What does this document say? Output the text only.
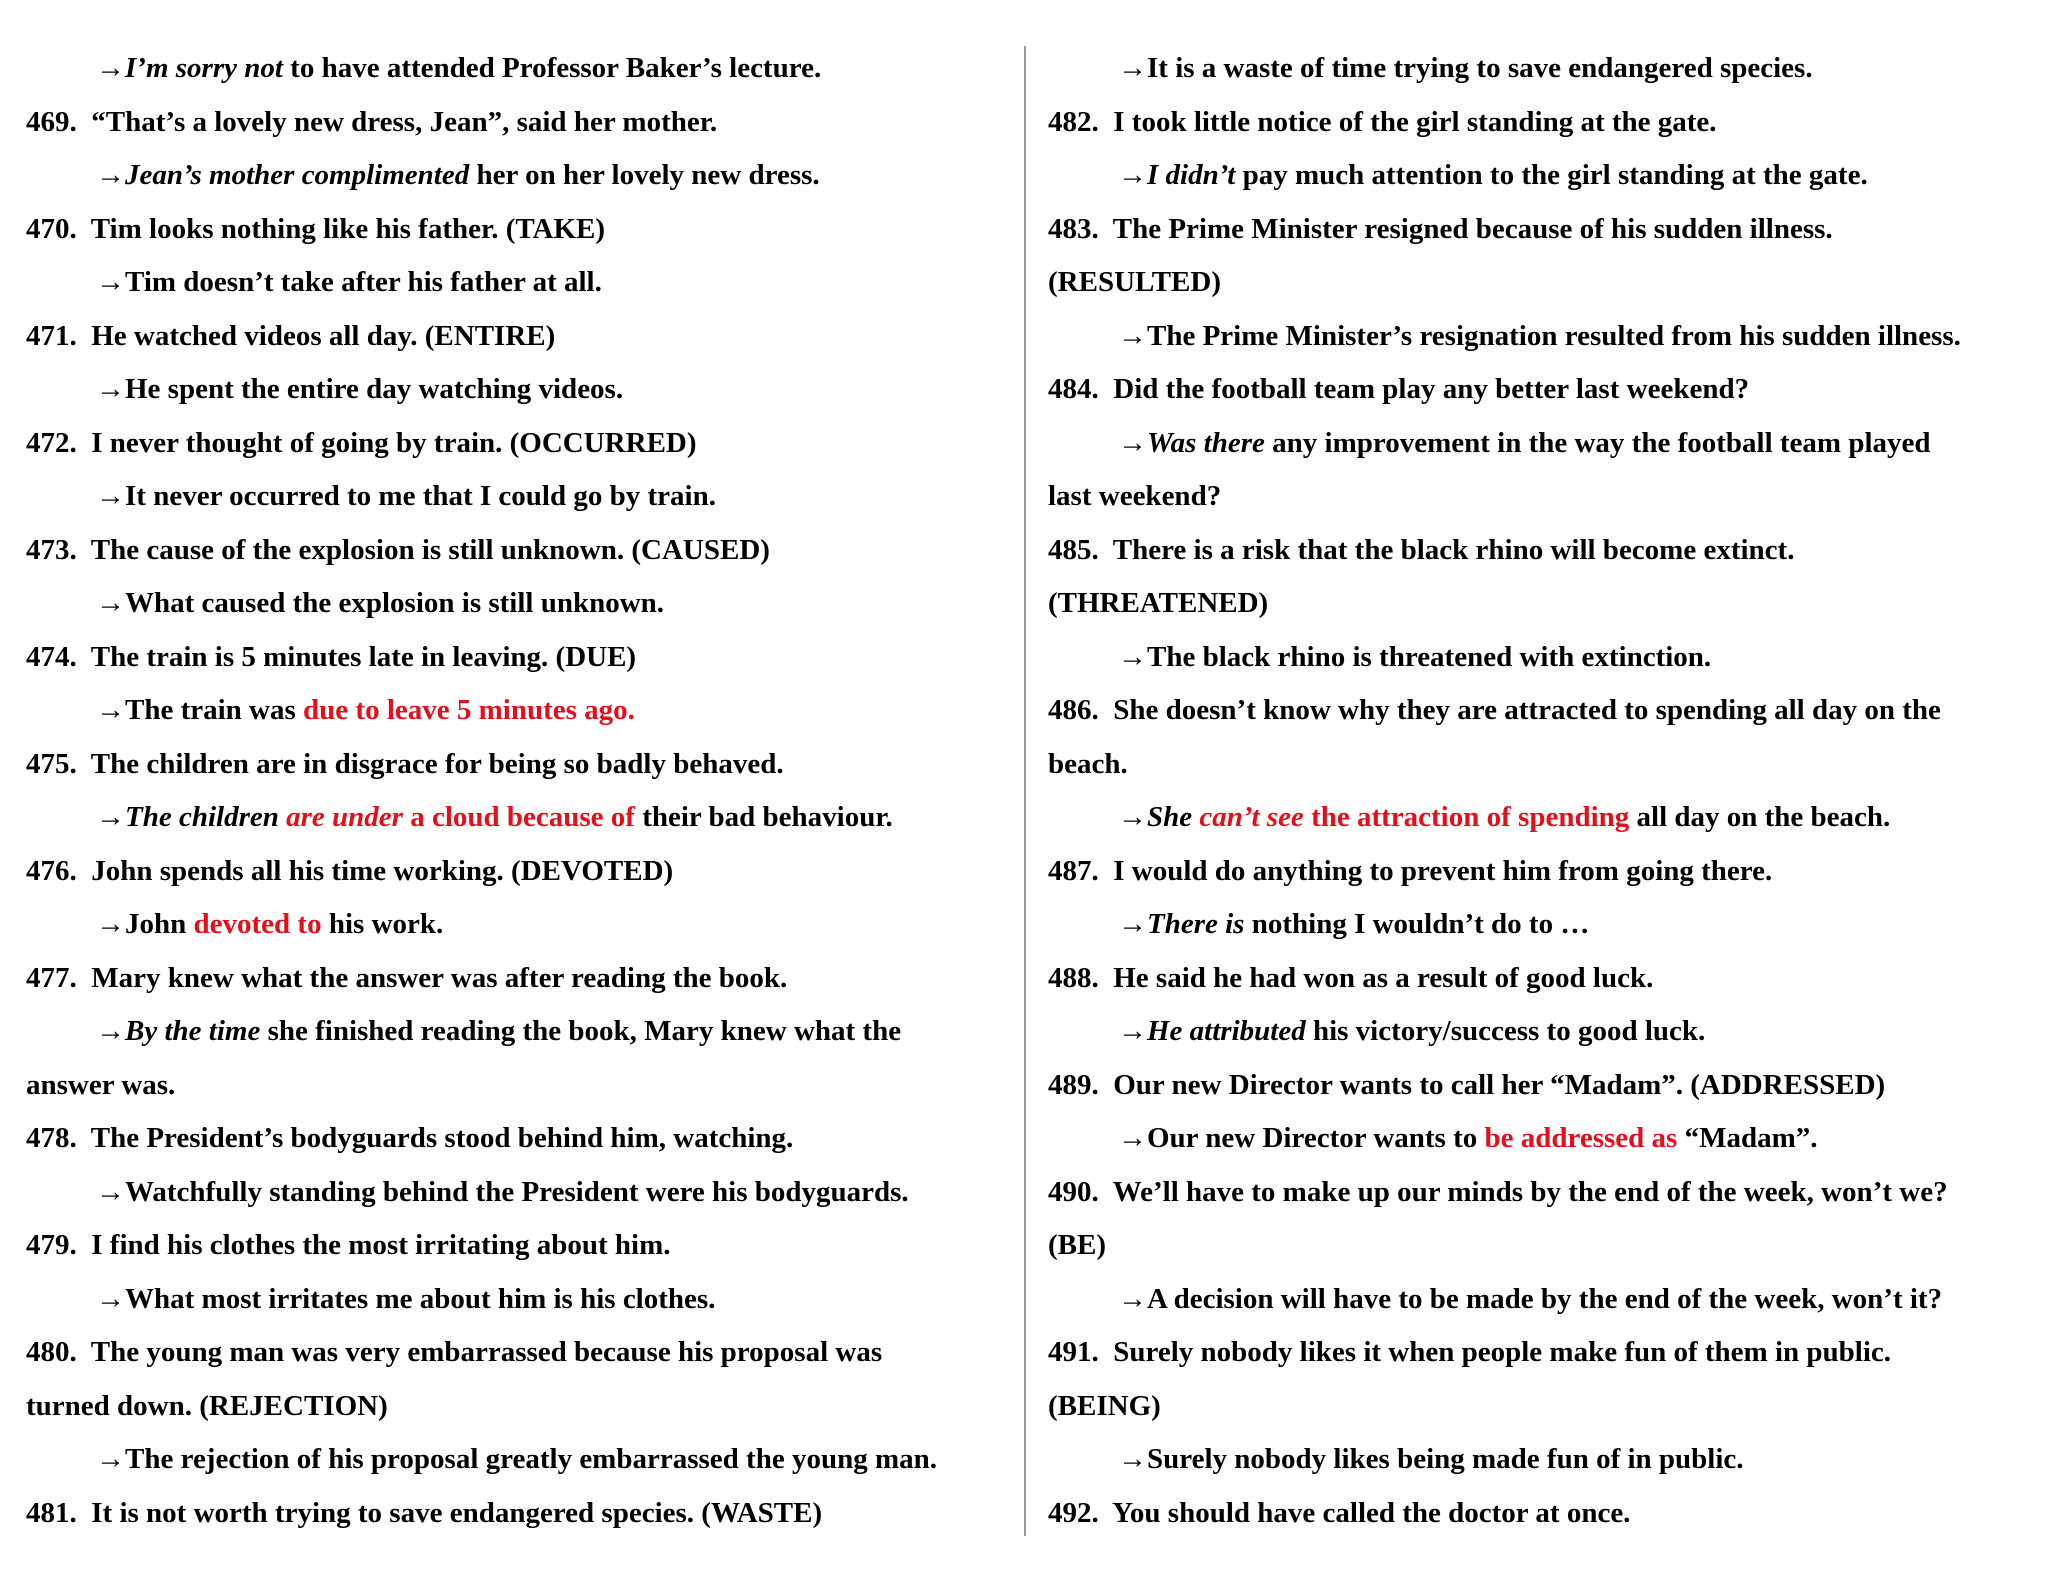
→I’m sorry not to have attended Professor Baker’s lecture.
469.  “That’s a lovely new dress, Jean”, said her mother.
→Jean’s mother complimented her on her lovely new dress.
470.  Tim looks nothing like his father. (TAKE)
→Tim doesn’t take after his father at all.
471.  He watched videos all day. (ENTIRE)
→He spent the entire day watching videos.
472.  I never thought of going by train. (OCCURRED)
→It never occurred to me that I could go by train.
473.  The cause of the explosion is still unknown. (CAUSED)
→What caused the explosion is still unknown.
474.  The train is 5 minutes late in leaving. (DUE)
→The train was due to leave 5 minutes ago.
475.  The children are in disgrace for being so badly behaved.
→The children are under a cloud because of their bad behaviour.
476.  John spends all his time working. (DEVOTED)
→John devoted to his work.
477.  Mary knew what the answer was after reading the book.
→By the time she finished reading the book, Mary knew what the
answer was.
478.  The President’s bodyguards stood behind him, watching.
→Watchfully standing behind the President were his bodyguards.
479.  I find his clothes the most irritating about him.
→What most irritates me about him is his clothes.
480.  The young man was very embarrassed because his proposal was
turned down. (REJECTION)
→The rejection of his proposal greatly embarrassed the young man.
481.  It is not worth trying to save endangered species. (WASTE)
→It is a waste of time trying to save endangered species.
482.  I took little notice of the girl standing at the gate.
→I didn’t pay much attention to the girl standing at the gate.
483.  The Prime Minister resigned because of his sudden illness.
(RESULTED)
→The Prime Minister’s resignation resulted from his sudden illness.
484.  Did the football team play any better last weekend?
→Was there any improvement in the way the football team played
last weekend?
485.  There is a risk that the black rhino will become extinct.
(THREATENED)
→The black rhino is threatened with extinction.
486.  She doesn’t know why they are attracted to spending all day on the
beach.
→She can’t see the attraction of spending all day on the beach.
487.  I would do anything to prevent him from going there.
→There is nothing I wouldn’t do to …
488.  He said he had won as a result of good luck.
→He attributed his victory/success to good luck.
489.  Our new Director wants to call her “Madam”. (ADDRESSED)
→Our new Director wants to be addressed as “Madam”.
490.  We’ll have to make up our minds by the end of the week, won’t we?
(BE)
→A decision will have to be made by the end of the week, won’t it?
491.  Surely nobody likes it when people make fun of them in public.
(BEING)
→Surely nobody likes being made fun of in public.
492.  You should have called the doctor at once.
